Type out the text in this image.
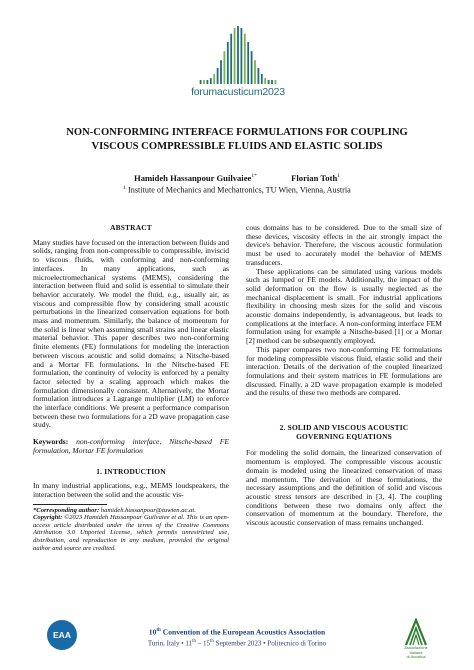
forumacusticum2023
NON-CONFORMING INTERFACE FORMULATIONS FOR COUPLING
VISCOUS COMPRESSIBLE FLUIDS AND ELASTIC SOLIDS
Hamideh Hassanpour Guilvaiee$^{1*}$	Florian Toth$^1$
$^1$ Institute of Mechanics and Mechatronics, TU Wien, Vienna, Austria
ABSTRACT

Many studies have focused on the interaction between fluids and solids, ranging from non-compressible to compressible, inviscid to viscous fluids, with conforming and non-conforming interfaces. In many applications, such as microelectromechanical systems (MEMS), considering the interaction between fluid and solid is essential to simulate their behavior accurately. We model the fluid, e.g., usually air, as viscous and compressible flow by considering small acoustic perturbations in the linearized conservation equations for both mass and momentum. Similarly, the balance of momentum for the solid is linear when assuming small strains and linear elastic material behavior. This paper describes two non-conforming finite elements (FE) formulations for modeling the interaction between viscous acoustic and solid domains; a Nitsche-based and a Mortar FE formulations. In the Nitsche-based FE formulation, the continuity of velocity is enforced by a penalty factor selected by a scaling approach which makes the formulation dimensionally consistent. Alternatively, the Mortar formulation introduces a Lagrange multiplier (LM) to enforce the interface conditions. We present a performance comparison between these two formulations for a 2D wave propagation case study.

Keywords: non-conforming interface, Nitsche-based FE formulation, Mortar FE formulation

1. INTRODUCTION

In many industrial applications, e.g., MEMS loudspeakers, the interaction between the solid and the acoustic vis-

*Corresponding author: hamideh.hassanpour@tuwien.ac.at.

Copyright: ©2023 Hamideh Hassanpour Guilvaiee et al. This is an open-access article distributed under the terms of the Creative Commons Attribution 3.0 Unported License, which permits unrestricted use, distribution, and reproduction in any medium, provided the original author and source are credited.

cous domains has to be considered. Due to the small size of these devices, viscosity effects in the air strongly impact the device's behavior. Therefore, the viscous acoustic formulation must be used to accurately model the behavior of MEMS transducers.

These applications can be simulated using various models such as lumped or FE models. Additionally, the impact of the solid deformation on the flow is usually neglected as the mechanical displacement is small. For industrial applications flexibility in choosing mesh sizes for the solid and viscous acoustic domains independently, is advantageous, but leads to complications at the interface. A non-conforming interface FEM formulation using for example a Nitsche-based [1] or a Mortar [2] method can be subsequently employed.

This paper compares two non-conforming FE formulations for modeling compressible viscous fluid, elastic solid and their interaction. Details of the derivation of the coupled linearized formulations and their system matrices in FE formulations are discussed. Finally, a 2D wave propagation example is modeled and the results of these two methods are compared.

2. SOLID AND VISCOUS ACOUSTIC
GOVERNING EQUATIONS

For modeling the solid domain, the linearized conservation of momentum is employed. The compressible viscous acoustic domain is modeled using the linearized conservation of mass and momentum. The derivation of these formulations, the necessary assumptions and the definition of solid and viscous acoustic stress tensors are described in [3, 4]. The coupling conditions between these two domains only affect the conservation of momentum at the boundary. Therefore, the viscous acoustic conservation of mass remains unchanged.

EAA	10th Convention of the European Acoustics Association
Turin, Italy • 11th – 15th September 2023 • Politecnico di Torino
Associazione
Italiana
di Acustica
